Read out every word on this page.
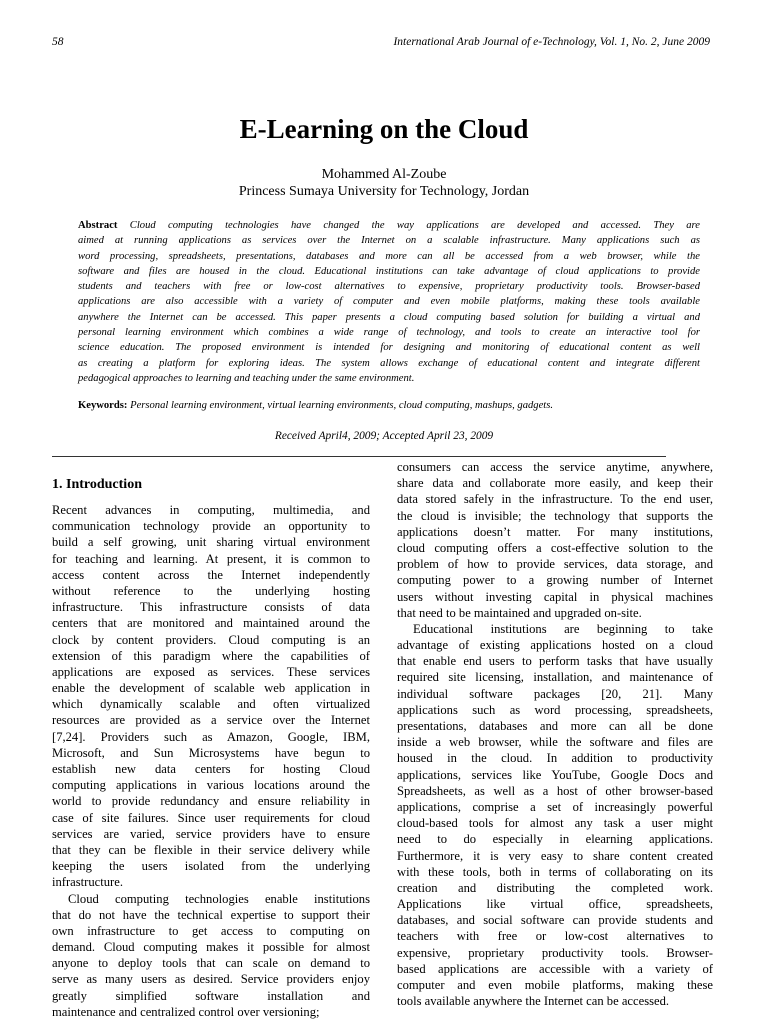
58	International Arab Journal of e-Technology, Vol. 1, No. 2, June 2009
E-Learning on the Cloud
Mohammed Al-Zoube
Princess Sumaya University for Technology, Jordan
Abstract Cloud computing technologies have changed the way applications are developed and accessed. They are
aimed at running applications as services over the Internet on a scalable infrastructure. Many applications such as
word processing, spreadsheets, presentations, databases and more can all be accessed from a web browser, while the
software and files are housed in the cloud. Educational institutions can take advantage of cloud applications to provide
students and teachers with free or low-cost alternatives to expensive, proprietary productivity tools. Browser-based
applications are also accessible with a variety of computer and even mobile platforms, making these tools available
anywhere the Internet can be accessed. This paper presents a cloud computing based solution for building a virtual and
personal learning environment which combines a wide range of technology, and tools to create an interactive tool for
science education. The proposed environment is intended for designing and monitoring of educational content as well
as creating a platform for exploring ideas. The system allows exchange of educational content and integrate different
pedagogical approaches to learning and teaching under the same environment.
Keywords: Personal learning environment, virtual learning environments, cloud computing, mashups, gadgets.
Received April4, 2009; Accepted April 23, 2009
1. Introduction
Recent advances in computing, multimedia, and
communication technology provide an opportunity to
build a self growing, unit sharing virtual environment
for teaching and learning. At present, it is common to
access content across the Internet independently
without reference to the underlying hosting
infrastructure. This infrastructure consists of data
centers that are monitored and maintained around the
clock by content providers. Cloud computing is an
extension of this paradigm where the capabilities of
applications are exposed as services. These services
enable the development of scalable web application in
which dynamically scalable and often virtualized
resources are provided as a service over the Internet
[7,24]. Providers such as Amazon, Google, IBM,
Microsoft, and Sun Microsystems have begun to
establish new data centers for hosting Cloud
computing applications in various locations around the
world to provide redundancy and ensure reliability in
case of site failures. Since user requirements for cloud
services are varied, service providers have to ensure
that they can be flexible in their service delivery while
keeping the users isolated from the underlying
infrastructure.
Cloud computing technologies enable institutions
that do not have the technical expertise to support their
own infrastructure to get access to computing on
demand. Cloud computing makes it possible for almost
anyone to deploy tools that can scale on demand to
serve as many users as desired. Service providers enjoy
greatly simplified software installation and
maintenance and centralized control over versioning;
consumers can access the service anytime, anywhere,
share data and collaborate more easily, and keep their
data stored safely in the infrastructure. To the end user,
the cloud is invisible; the technology that supports the
applications doesn’t matter. For many institutions,
cloud computing offers a cost-effective solution to the
problem of how to provide services, data storage, and
computing power to a growing number of Internet
users without investing capital in physical machines
that need to be maintained and upgraded on-site.
Educational institutions are beginning to take
advantage of existing applications hosted on a cloud
that enable end users to perform tasks that have usually
required site licensing, installation, and maintenance of
individual software packages [20, 21]. Many
applications such as word processing, spreadsheets,
presentations, databases and more can all be done
inside a web browser, while the software and files are
housed in the cloud. In addition to productivity
applications, services like YouTube, Google Docs and
Spreadsheets, as well as a host of other browser-based
applications, comprise a set of increasingly powerful
cloud-based tools for almost any task a user might
need to do especially in elearning applications.
Furthermore, it is very easy to share content created
with these tools, both in terms of collaborating on its
creation and distributing the completed work.
Applications like virtual office, spreadsheets,
databases, and social software can provide students and
teachers with free or low-cost alternatives to
expensive, proprietary productivity tools. Browser-
based applications are accessible with a variety of
computer and even mobile platforms, making these
tools available anywhere the Internet can be accessed.
